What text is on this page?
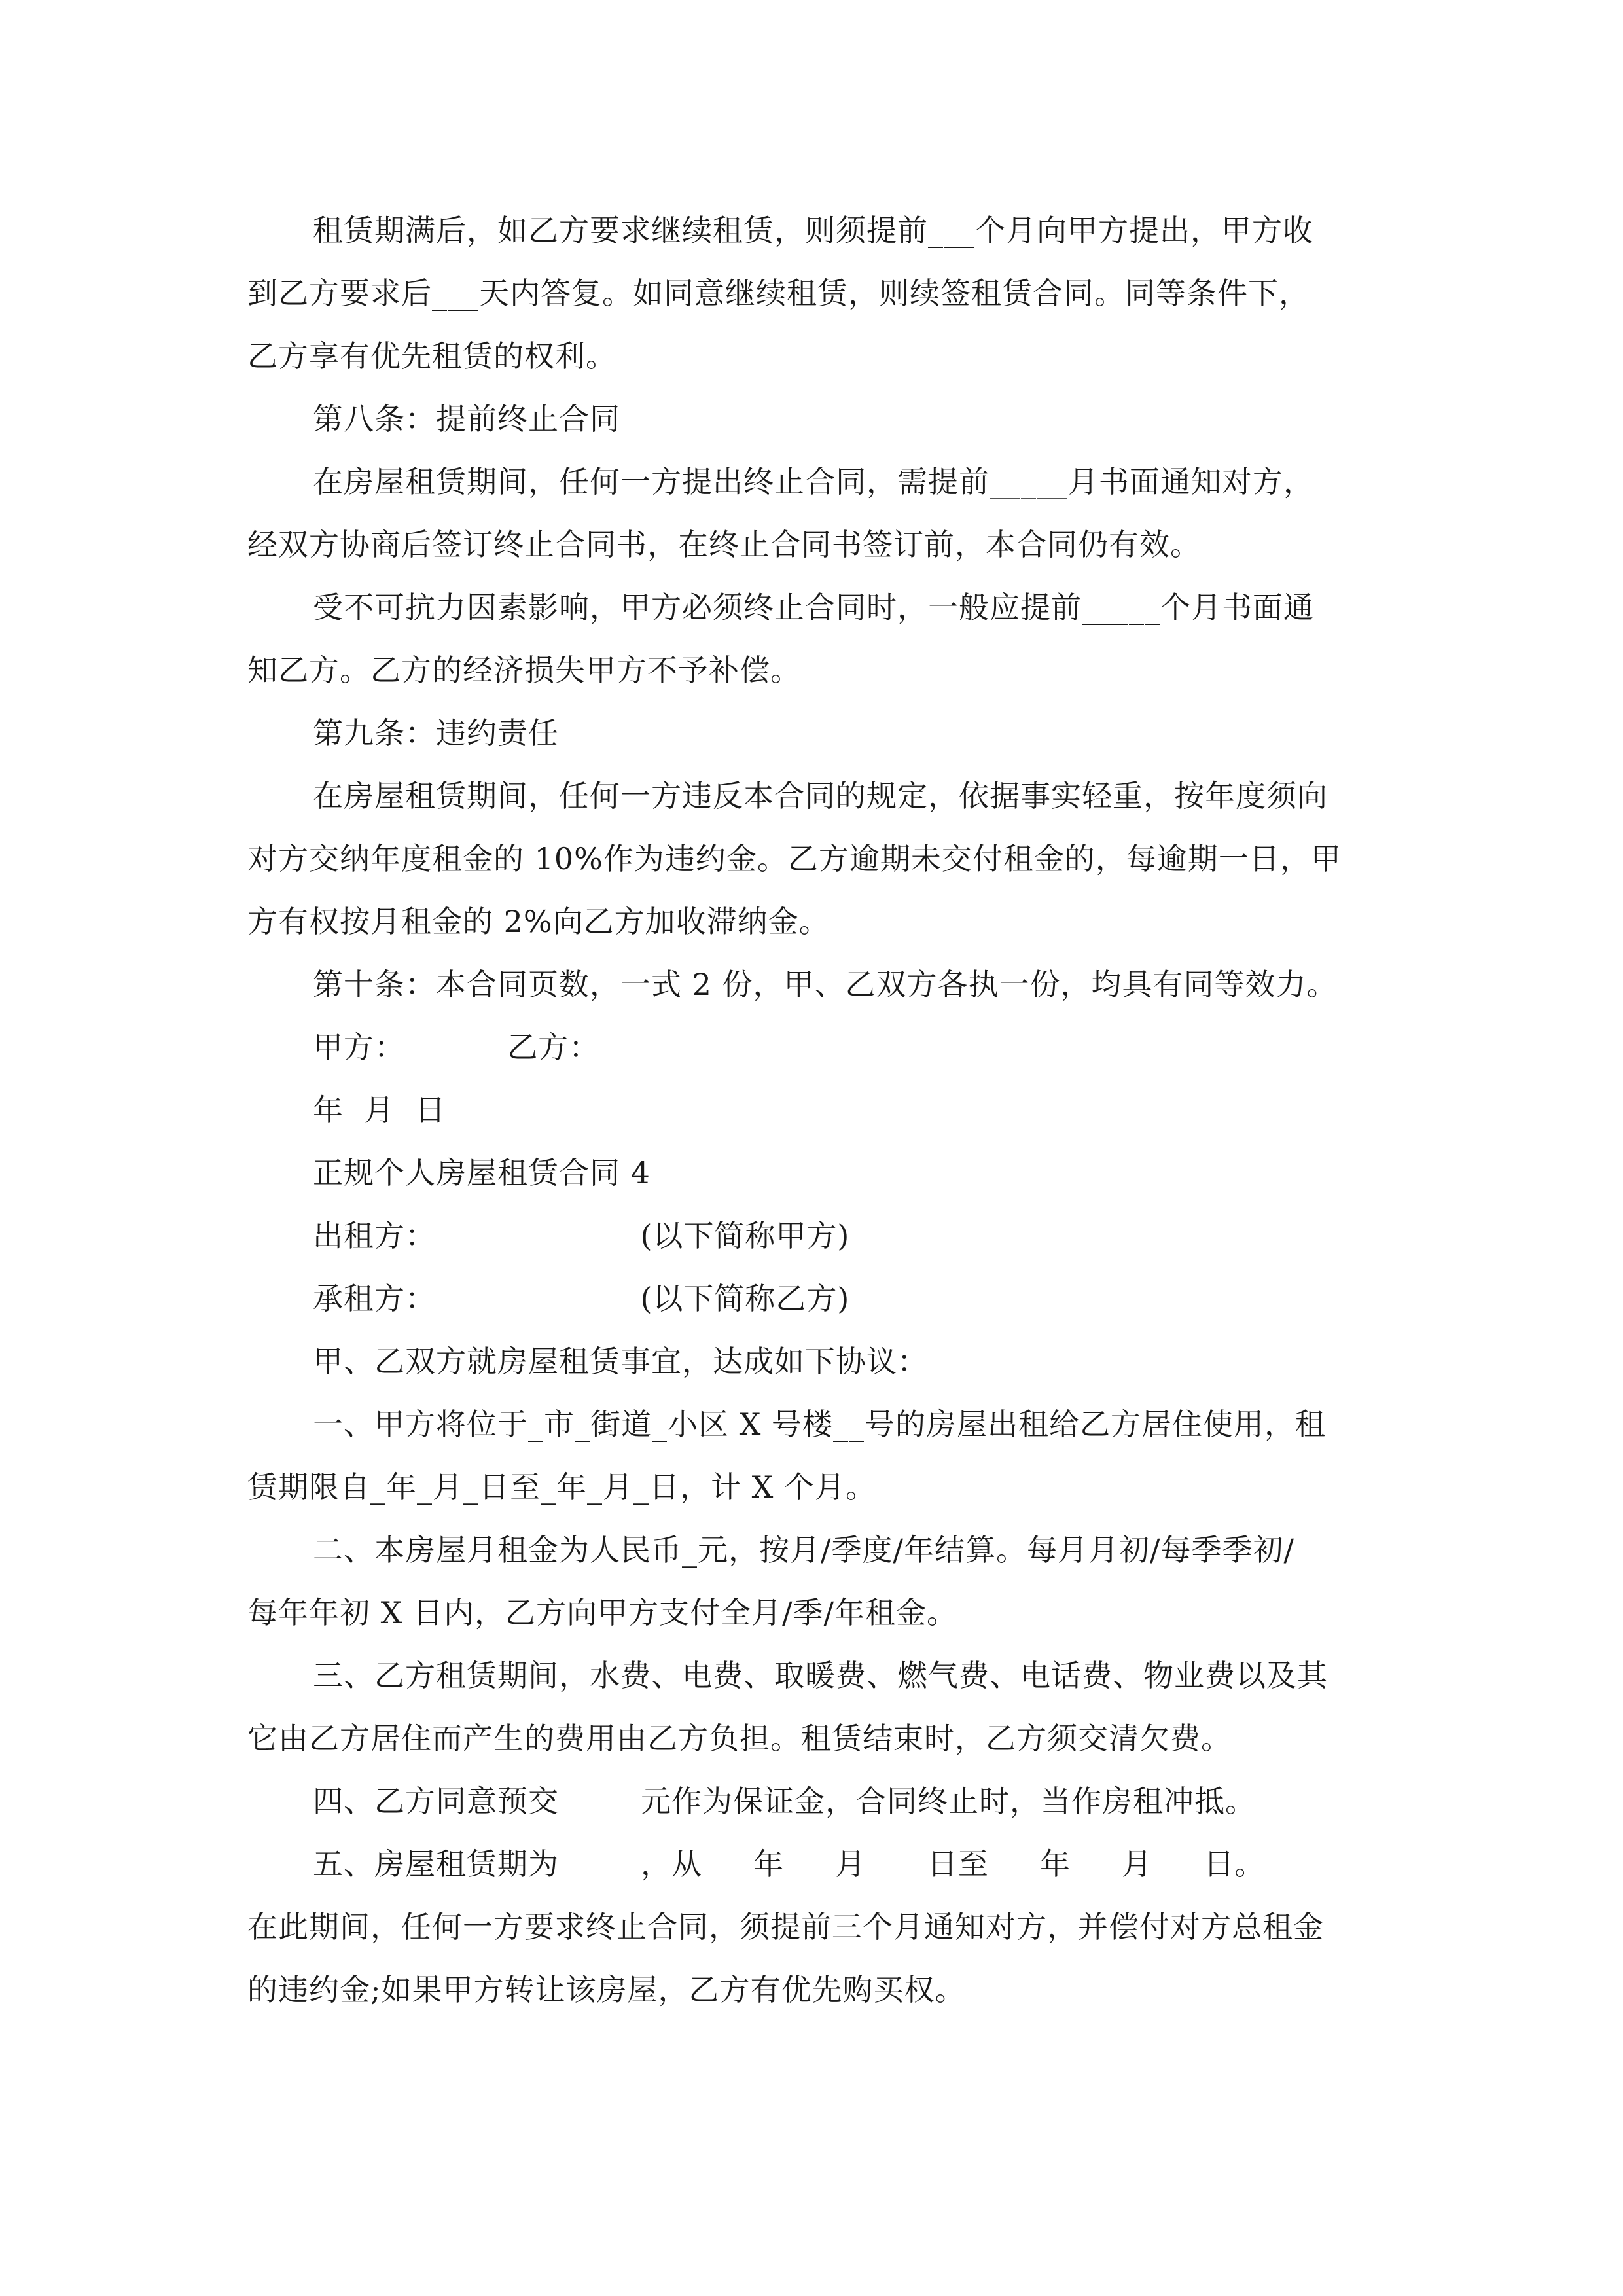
租赁期满后，如乙方要求继续租赁，则须提前___个月向甲方提出，甲方收
到乙方要求后___天内答复。如同意继续租赁，则续签租赁合同。同等条件下，
乙方享有优先租赁的权利。
第八条：提前终止合同
在房屋租赁期间，任何一方提出终止合同，需提前_____月书面通知对方，
经双方协商后签订终止合同书，在终止合同书签订前，本合同仍有效。
受不可抗力因素影响，甲方必须终止合同时，一般应提前_____个月书面通
知乙方。乙方的经济损失甲方不予补偿。
第九条：违约责任
在房屋租赁期间，任何一方违反本合同的规定，依据事实轻重，按年度须向
对方交纳年度租金的 10%作为违约金。乙方逾期未交付租金的，每逾期一日，甲
方有权按月租金的 2%向乙方加收滞纳金。
第十条：本合同页数，一式 2 份，甲、乙双方各执一份，均具有同等效力。
甲方：          乙方：
年  月  日
正规个人房屋租赁合同 4
出租方：                    (以下简称甲方)
承租方：                    (以下简称乙方)
甲、乙双方就房屋租赁事宜，达成如下协议：
一、甲方将位于_市_街道_小区 X 号楼__号的房屋出租给乙方居住使用，租
赁期限自_年_月_日至_年_月_日，计 X 个月。
二、本房屋月租金为人民币_元，按月/季度/年结算。每月月初/每季季初/
每年年初 X 日内，乙方向甲方支付全月/季/年租金。
三、乙方租赁期间，水费、电费、取暖费、燃气费、电话费、物业费以及其
它由乙方居住而产生的费用由乙方负担。租赁结束时，乙方须交清欠费。
四、乙方同意预交        元作为保证金，合同终止时，当作房租冲抵。
五、房屋租赁期为        ，从     年     月      日至     年     月     日。
在此期间，任何一方要求终止合同，须提前三个月通知对方，并偿付对方总租金
的违约金;如果甲方转让该房屋，乙方有优先购买权。
